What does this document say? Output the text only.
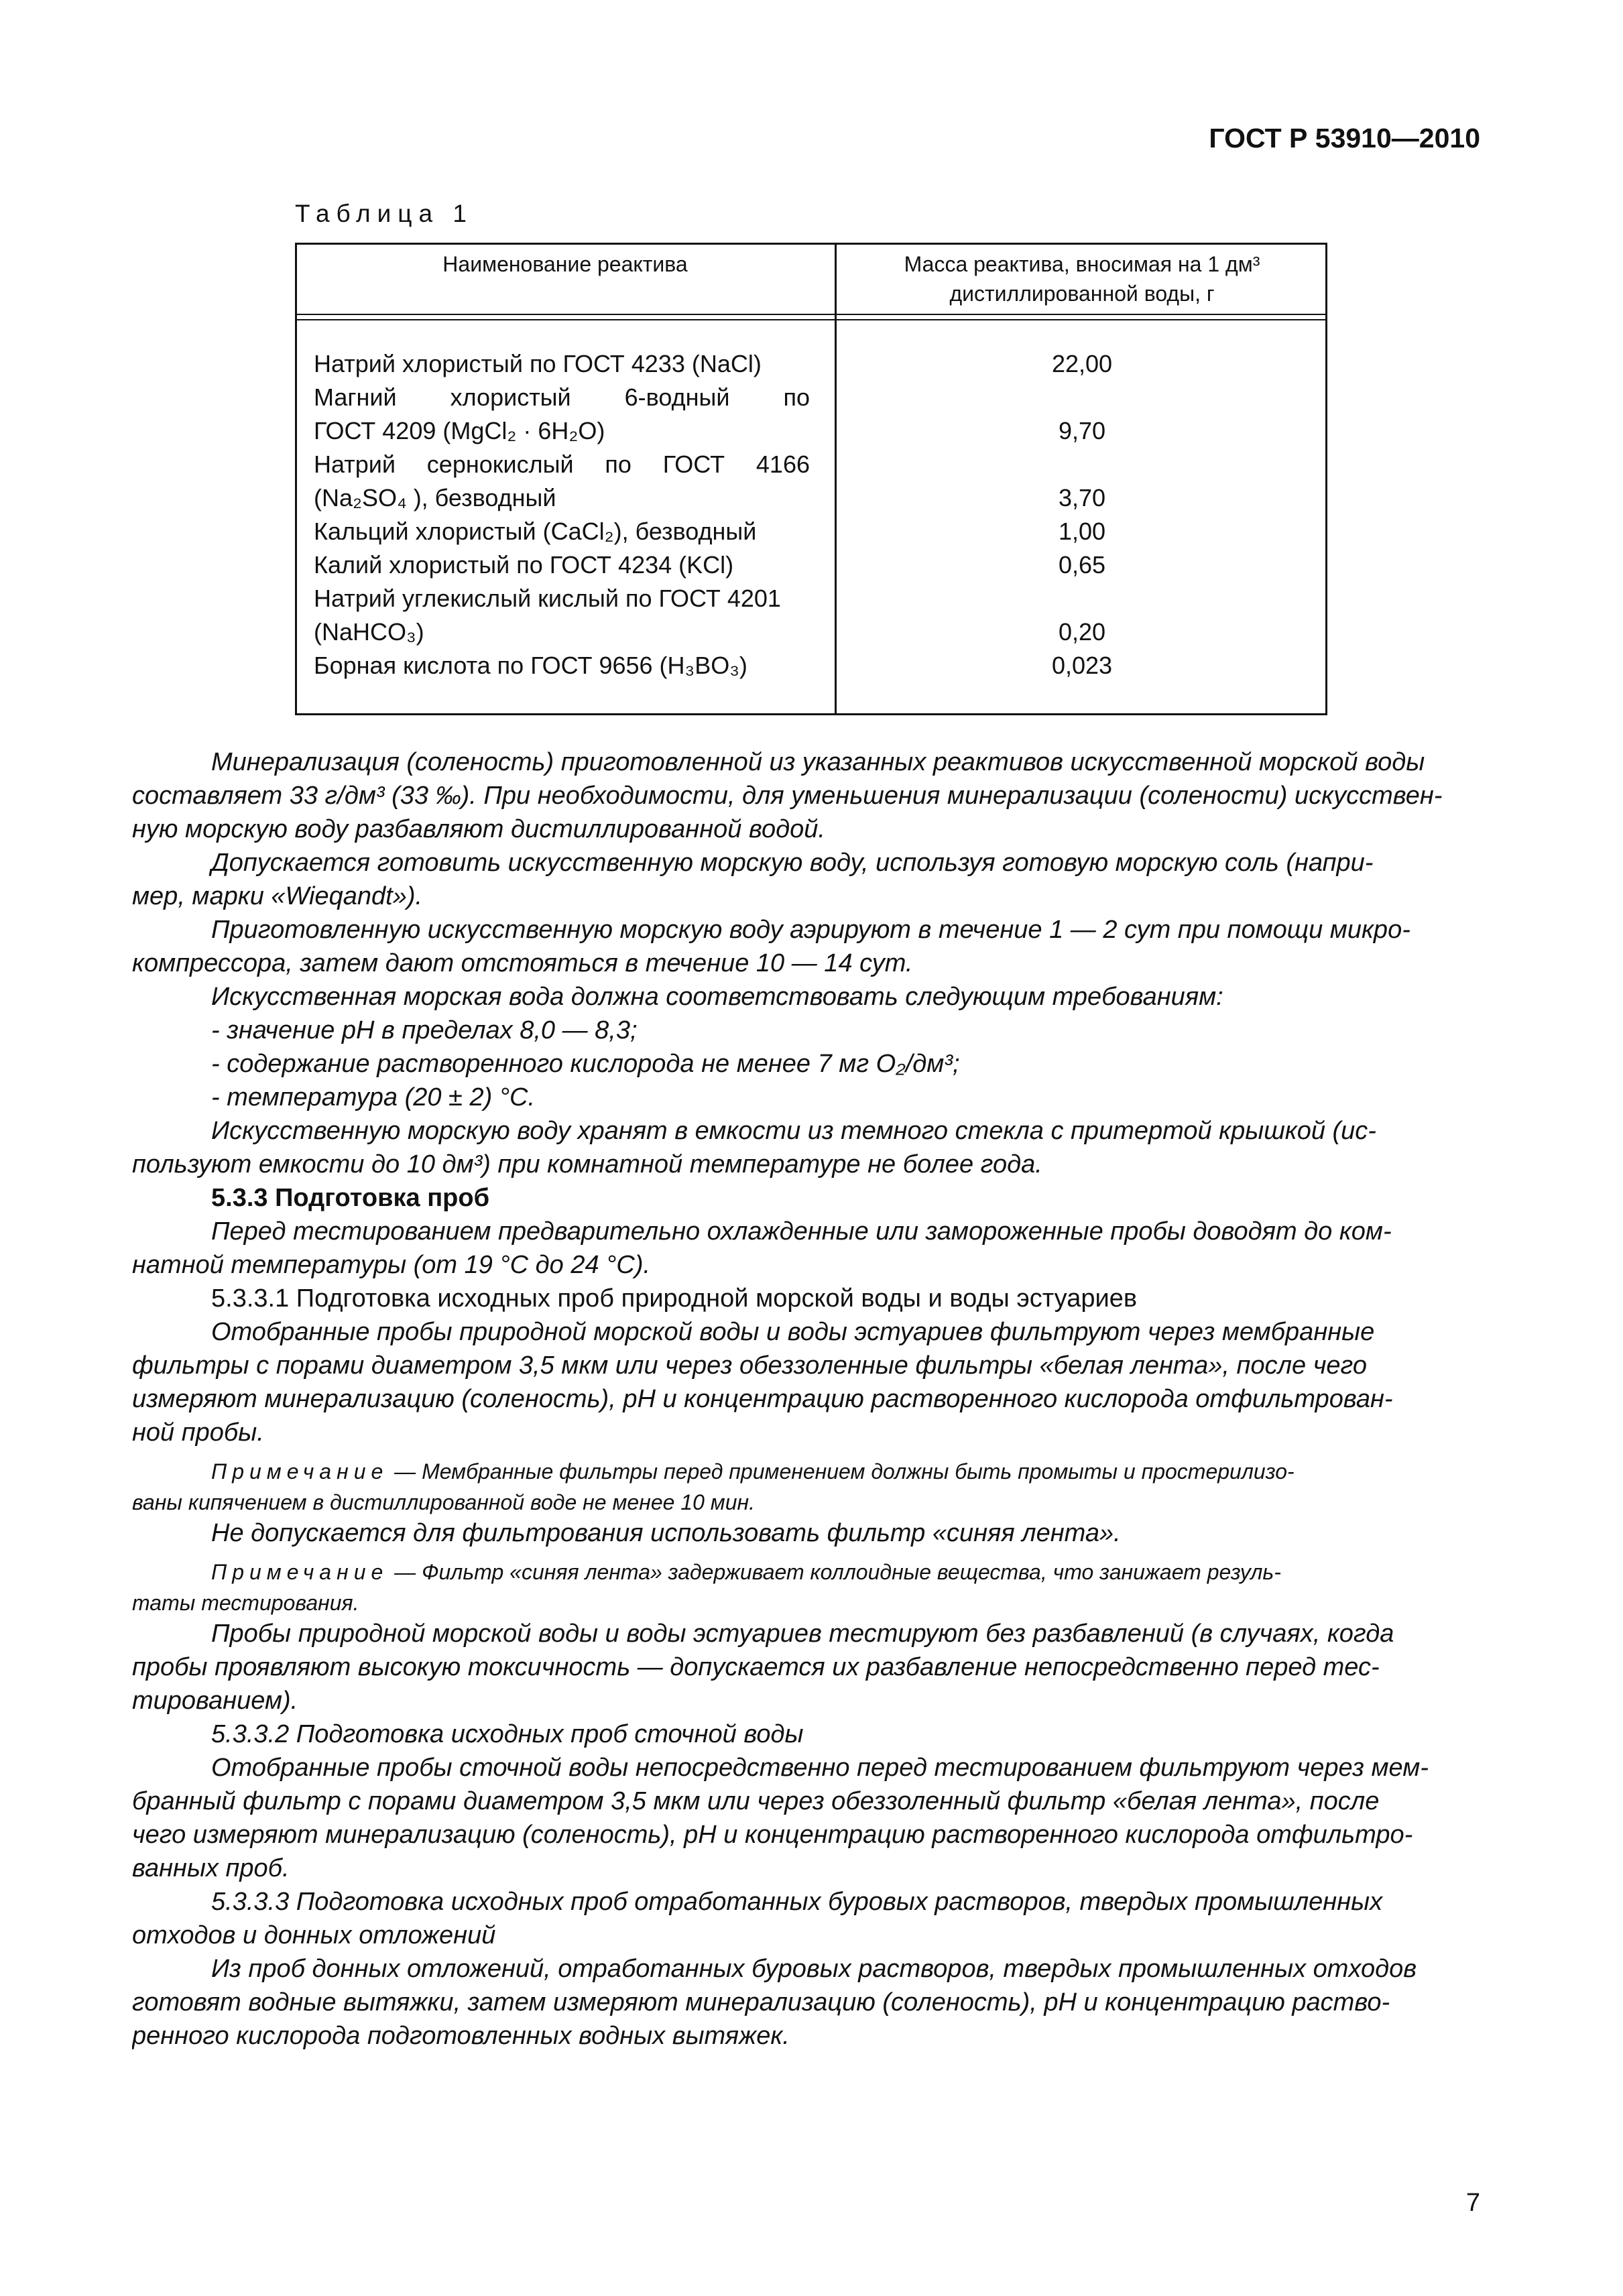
ГОСТ Р 53910—2010
Таблица 1
Наименование реактива	Масса реактива, вносимая на 1 дм³
дистиллированной воды, г
Натрий хлористый по ГОСТ 4233 (NaCl)	22,00
Магний хлористый 6-водный по
ГОСТ 4209 (MgCl₂ · 6H₂O)	9,70
Натрий сернокислый по ГОСТ 4166
(Na₂SO₄ ), безводный	3,70
Кальций хлористый (CaCl₂), безводный	1,00
Калий хлористый по ГОСТ 4234 (KCl)	0,65
Натрий углекислый кислый по ГОСТ 4201
(NaHCO₃)	0,20
Борная кислота по ГОСТ 9656 (H₃BO₃)	0,023
Минерализация (соленость) приготовленной из указанных реактивов искусственной морской воды
составляет 33 г/дм³ (33 ‰). При необходимости, для уменьшения минерализации (солености) искусствен-
ную морскую воду разбавляют дистиллированной водой.
Допускается готовить искусственную морскую воду, используя готовую морскую соль (напри-
мер, марки «Wieqandt»).
Приготовленную искусственную морскую воду аэрируют в течение 1 — 2 сут при помощи микро-
компрессора, затем дают отстояться в течение 10 — 14 сут.
Искусственная морская вода должна соответствовать следующим требованиям:
- значение pH в пределах 8,0 — 8,3;
- содержание растворенного кислорода не менее 7 мг O₂/дм³;
- температура (20 ± 2) °С.
Искусственную морскую воду хранят в емкости из темного стекла с притертой крышкой (ис-
пользуют емкости до 10 дм³) при комнатной температуре не более года.
5.3.3 Подготовка проб
Перед тестированием предварительно охлажденные или замороженные пробы доводят до ком-
натной температуры (от 19 °С до 24 °С).
5.3.3.1 Подготовка исходных проб природной морской воды и воды эстуариев
Отобранные пробы природной морской воды и воды эстуариев фильтруют через мембранные
фильтры с порами диаметром 3,5 мкм или через обеззоленные фильтры «белая лента», после чего
измеряют минерализацию (соленость), pH и концентрацию растворенного кислорода отфильтрован-
ной пробы.
Примечание — Мембранные фильтры перед применением должны быть промыты и простерилизо-
ваны кипячением в дистиллированной воде не менее 10 мин.
Не допускается для фильтрования использовать фильтр «синяя лента».
Примечание — Фильтр «синяя лента» задерживает коллоидные вещества, что занижает резуль-
таты тестирования.
Пробы природной морской воды и воды эстуариев тестируют без разбавлений (в случаях, когда
пробы проявляют высокую токсичность — допускается их разбавление непосредственно перед тес-
тированием).
5.3.3.2 Подготовка исходных проб сточной воды
Отобранные пробы сточной воды непосредственно перед тестированием фильтруют через мем-
бранный фильтр с порами диаметром 3,5 мкм или через обеззоленный фильтр «белая лента», после
чего измеряют минерализацию (соленость), pH и концентрацию растворенного кислорода отфильтро-
ванных проб.
5.3.3.3 Подготовка исходных проб отработанных буровых растворов, твердых промышленных
отходов и донных отложений
Из проб донных отложений, отработанных буровых растворов, твердых промышленных отходов
готовят водные вытяжки, затем измеряют минерализацию (соленость), pH и концентрацию раство-
ренного кислорода подготовленных водных вытяжек.
7
